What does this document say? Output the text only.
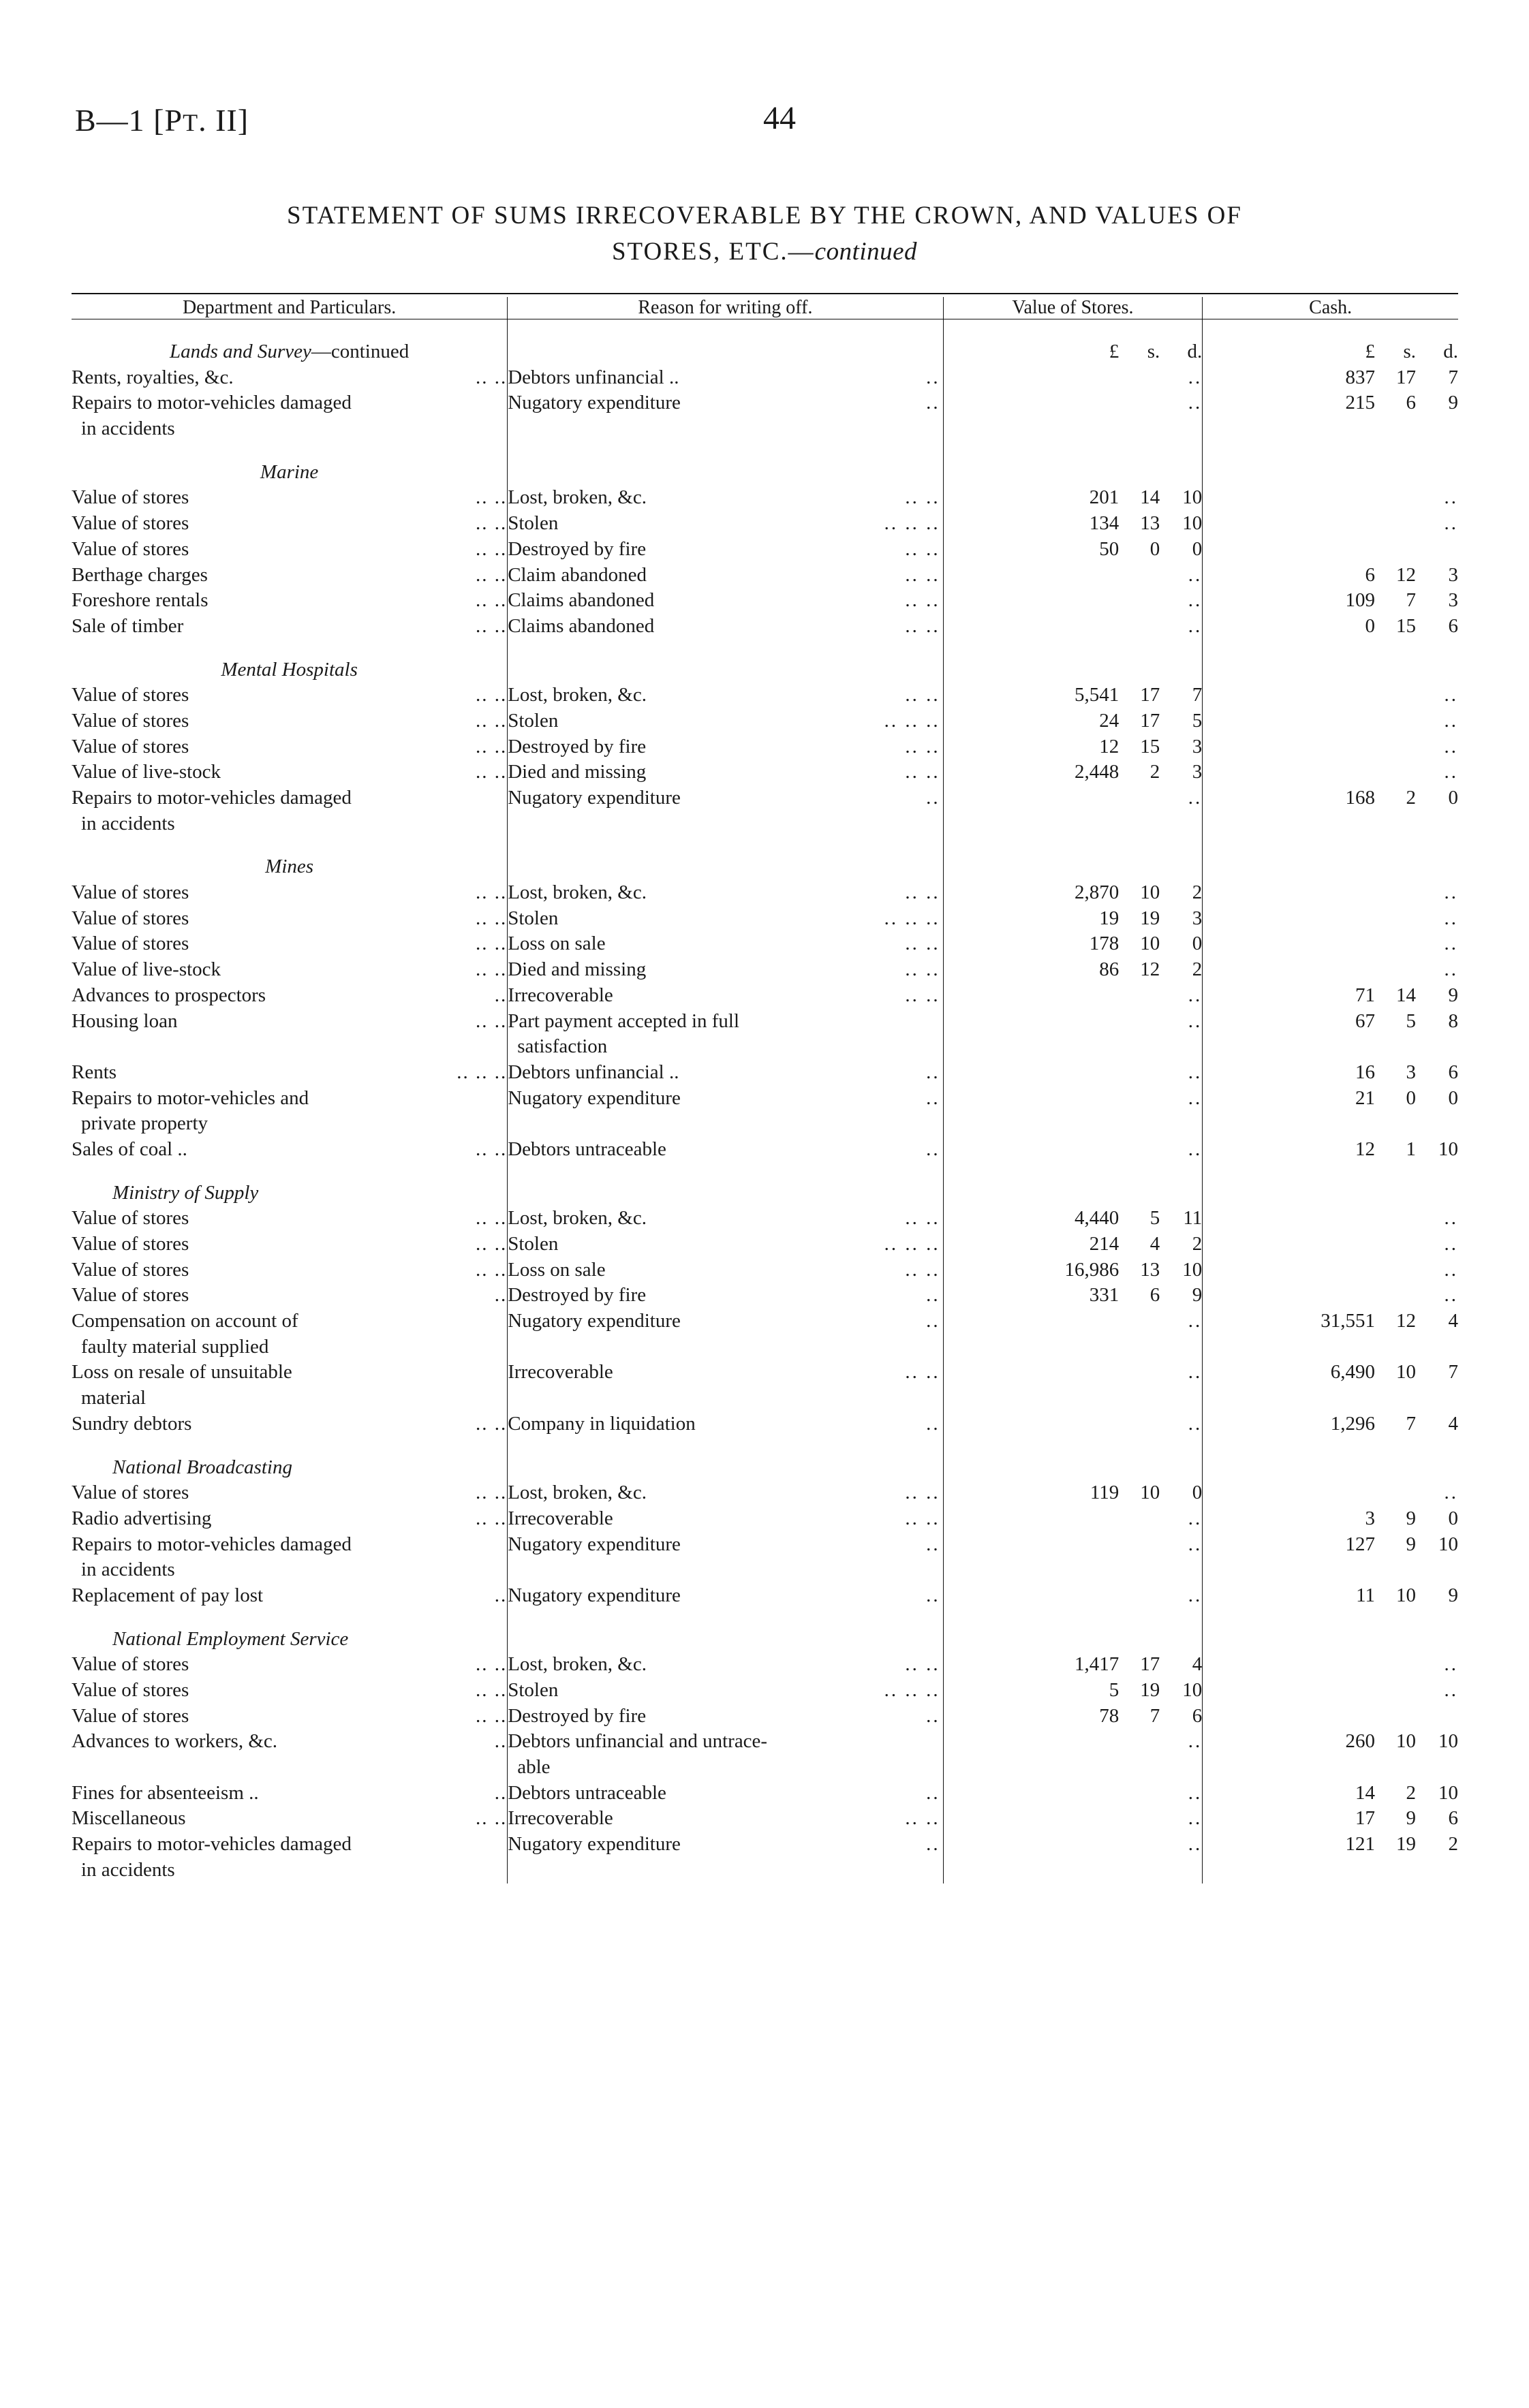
B—1 [PT. II]	44
STATEMENT OF SUMS IRRECOVERABLE BY THE CROWN, AND VALUES OF
STORES, ETC.—continued

Department and Particulars.	Reason for writing off.	Value of Stores.	Cash.

Lands and Survey—continued		£ s. d.	£ s. d.
Rents, royalties, &c. .. ..	Debtors unfinancial .. ..	..	837 17 7
Repairs to motor-vehicles damaged	Nugatory expenditure ..	..	215 6 9
in accidents			

Marine			
Value of stores .. ..	Lost, broken, &c. .. ..	201 14 10	..
Value of stores .. ..	Stolen .. .. ..	134 13 10	..
Value of stores .. ..	Destroyed by fire .. ..	50 0 0	
Berthage charges .. ..	Claim abandoned .. ..	..	6 12 3
Foreshore rentals .. ..	Claims abandoned .. ..	..	109 7 3
Sale of timber .. ..	Claims abandoned .. ..	..	0 15 6

Mental Hospitals			
Value of stores .. ..	Lost, broken, &c. .. ..	5,541 17 7	..
Value of stores .. ..	Stolen .. .. ..	24 17 5	..
Value of stores .. ..	Destroyed by fire .. ..	12 15 3	..
Value of live-stock .. ..	Died and missing .. ..	2,448 2 3	..
Repairs to motor-vehicles damaged	Nugatory expenditure ..	..	168 2 0
in accidents			

Mines			
Value of stores .. ..	Lost, broken, &c. .. ..	2,870 10 2	..
Value of stores .. ..	Stolen .. .. ..	19 19 3	..
Value of stores .. ..	Loss on sale .. ..	178 10 0	..
Value of live-stock .. ..	Died and missing .. ..	86 12 2	..
Advances to prospectors ..	Irrecoverable .. ..	..	71 14 9
Housing loan .. ..	Part payment accepted in full	..	67 5 8
	satisfaction		
Rents .. .. ..	Debtors unfinancial .. ..	..	16 3 6
Repairs to motor-vehicles and	Nugatory expenditure ..	..	21 0 0
private property			
Sales of coal .. .. ..	Debtors untraceable ..	..	12 1 10

Ministry of Supply			
Value of stores .. ..	Lost, broken, &c. .. ..	4,440 5 11	..
Value of stores .. ..	Stolen .. .. ..	214 4 2	..
Value of stores .. ..	Loss on sale .. ..	16,986 13 10	..
Value of stores ..	Destroyed by fire ..	331 6 9	..
Compensation on account of	Nugatory expenditure ..	..	31,551 12 4
faulty material supplied			
Loss on resale of unsuitable	Irrecoverable .. ..	..	6,490 10 7
material			
Sundry debtors .. ..	Company in liquidation ..	..	1,296 7 4

National Broadcasting			
Value of stores .. ..	Lost, broken, &c. .. ..	119 10 0	..
Radio advertising .. ..	Irrecoverable .. ..	..	3 9 0
Repairs to motor-vehicles damaged	Nugatory expenditure ..	..	127 9 10
in accidents			
Replacement of pay lost ..	Nugatory expenditure ..	..	11 10 9

National Employment Service			
Value of stores .. ..	Lost, broken, &c. .. ..	1,417 17 4	..
Value of stores .. ..	Stolen .. .. ..	5 19 10	..
Value of stores .. ..	Destroyed by fire ..	78 7 6	
Advances to workers, &c. ..	Debtors unfinancial and untrace-	..	260 10 10
	able		
Fines for absenteeism .. ..	Debtors untraceable ..	..	14 2 10
Miscellaneous .. ..	Irrecoverable .. ..	..	17 9 6
Repairs to motor-vehicles damaged	Nugatory expenditure ..	..	121 19 2
in accidents			
